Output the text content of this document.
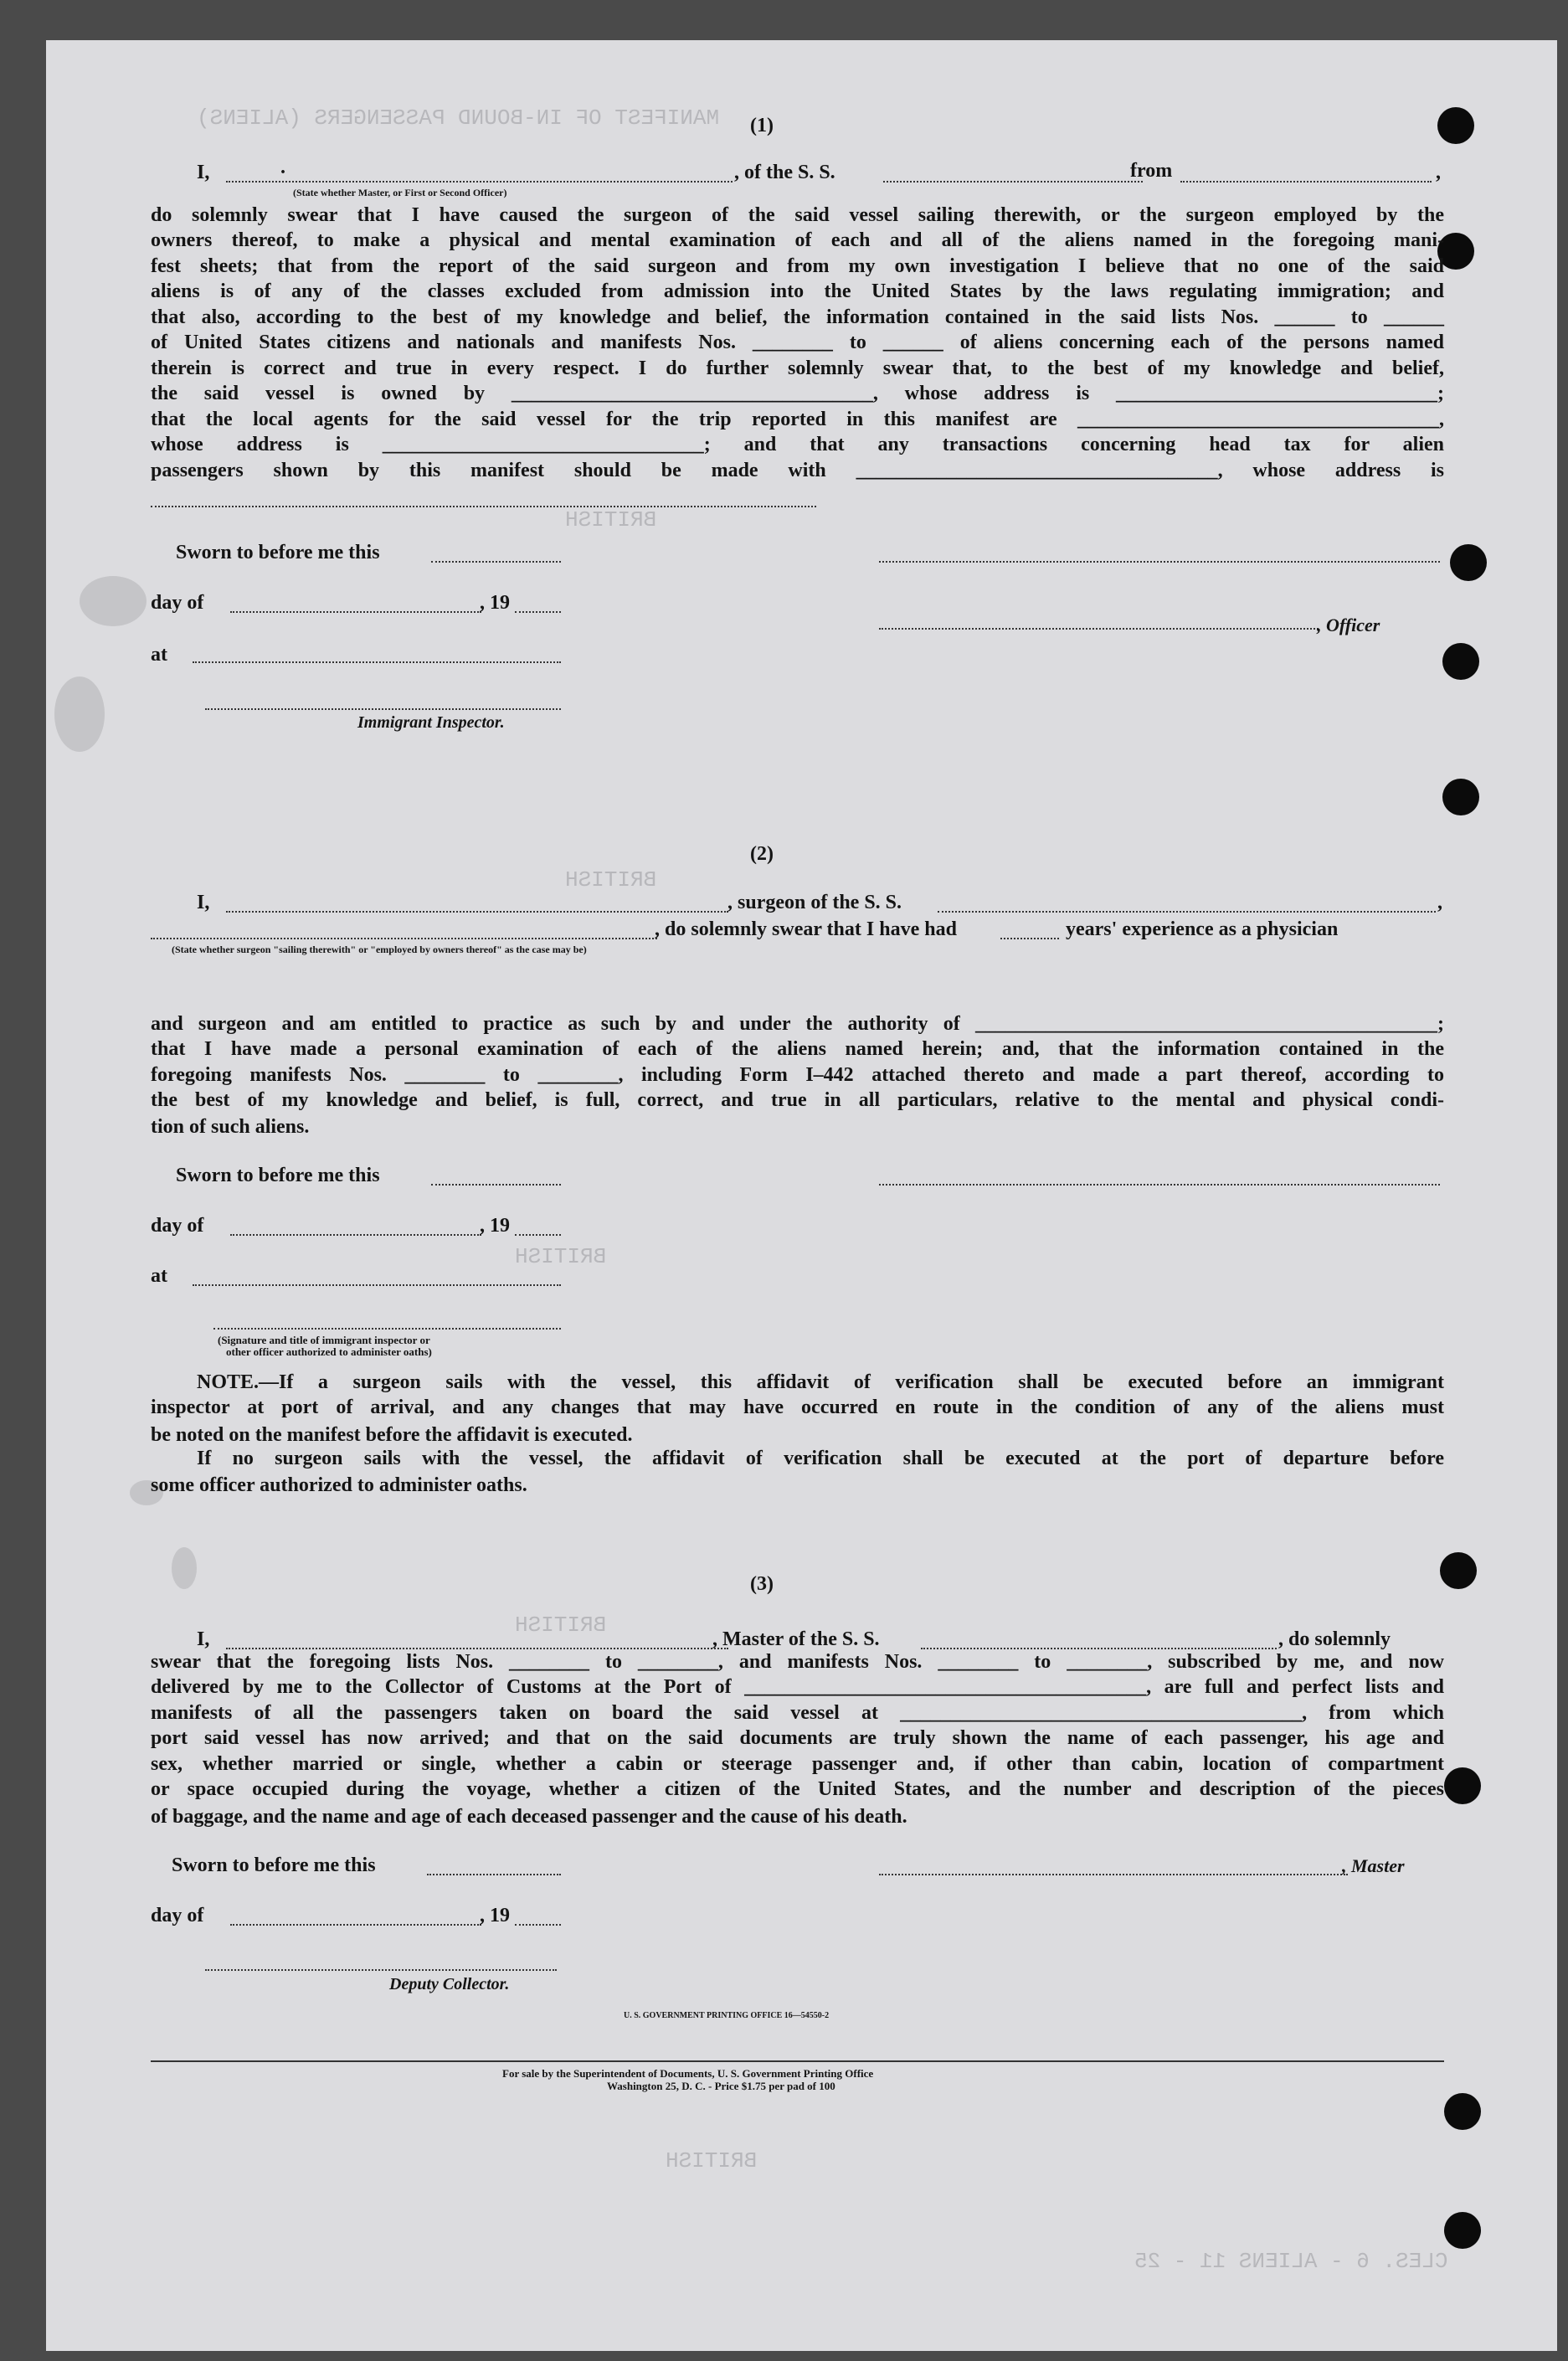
MANIFEST OF IN-BOUND PASSENGERS (ALIENS)
BRITISH
BRITISH
BRITISH
BRITISH
BRITISH
CLES. 6 - ALIENS 11 - 25
(1)
I,	.	, of the S. S.	from	,
(State whether Master, or First or Second Officer)
do solemnly swear that I have caused the surgeon of the said vessel sailing therewith, or the surgeon employed by the
owners thereof, to make a physical and mental examination of each and all of the aliens named in the foregoing mani-
fest sheets; that from the report of the said surgeon and from my own investigation I believe that no one of the said
aliens is of any of the classes excluded from admission into the United States by the laws regulating immigration; and
that also, according to the best of my knowledge and belief, the information contained in the said lists Nos. ______ to ______
of United States citizens and nationals and manifests Nos. ________ to ______ of aliens concerning each of the persons named
therein is correct and true in every respect. I do further solemnly swear that, to the best of my knowledge and belief,
the said vessel is owned by ____________________________________, whose address is ________________________________;
that the local agents for the said vessel for the trip reported in this manifest are ____________________________________,
whose address is ________________________________; and that any transactions concerning head tax for alien
passengers shown by this manifest should be made with ____________________________________, whose address is
Sworn to before me this
day of	, 19
, Officer
at
Immigrant Inspector.
(2)
I,	, surgeon of the S. S.	,
, do solemnly swear that I have had	years' experience as a physician
(State whether surgeon "sailing therewith" or "employed by owners thereof" as the case may be)
and surgeon and am entitled to practice as such by and under the authority of ______________________________________________;
that I have made a personal examination of each of the aliens named herein; and, that the information contained in the
foregoing manifests Nos. ________ to ________, including Form I–442 attached thereto and made a part thereof, according to
the best of my knowledge and belief, is full, correct, and true in all particulars, relative to the mental and physical condi-
tion of such aliens.
Sworn to before me this
day of	, 19
at
(Signature and title of immigrant inspector or
other officer authorized to administer oaths)
NOTE.—If a surgeon sails with the vessel, this affidavit of verification shall be executed before an immigrant
inspector at port of arrival, and any changes that may have occurred en route in the condition of any of the aliens must
be noted on the manifest before the affidavit is executed.
If no surgeon sails with the vessel, the affidavit of verification shall be executed at the port of departure before
some officer authorized to administer oaths.
(3)
I,	, Master of the S. S.	, do solemnly
swear that the foregoing lists Nos. ________ to ________, and manifests Nos. ________ to ________, subscribed by me, and now
delivered by me to the Collector of Customs at the Port of ________________________________________, are full and perfect lists and
manifests of all the passengers taken on board the said vessel at ________________________________________, from which
port said vessel has now arrived; and that on the said documents are truly shown the name of each passenger, his age and
sex, whether married or single, whether a cabin or steerage passenger and, if other than cabin, location of compartment
or space occupied during the voyage, whether a citizen of the United States, and the number and description of the pieces
of baggage, and the name and age of each deceased passenger and the cause of his death.
Sworn to before me this	, Master
day of	, 19
Deputy Collector.
U. S. GOVERNMENT PRINTING OFFICE 16—54550-2
For sale by the Superintendent of Documents, U. S. Government Printing Office
Washington 25, D. C. - Price $1.75 per pad of 100
